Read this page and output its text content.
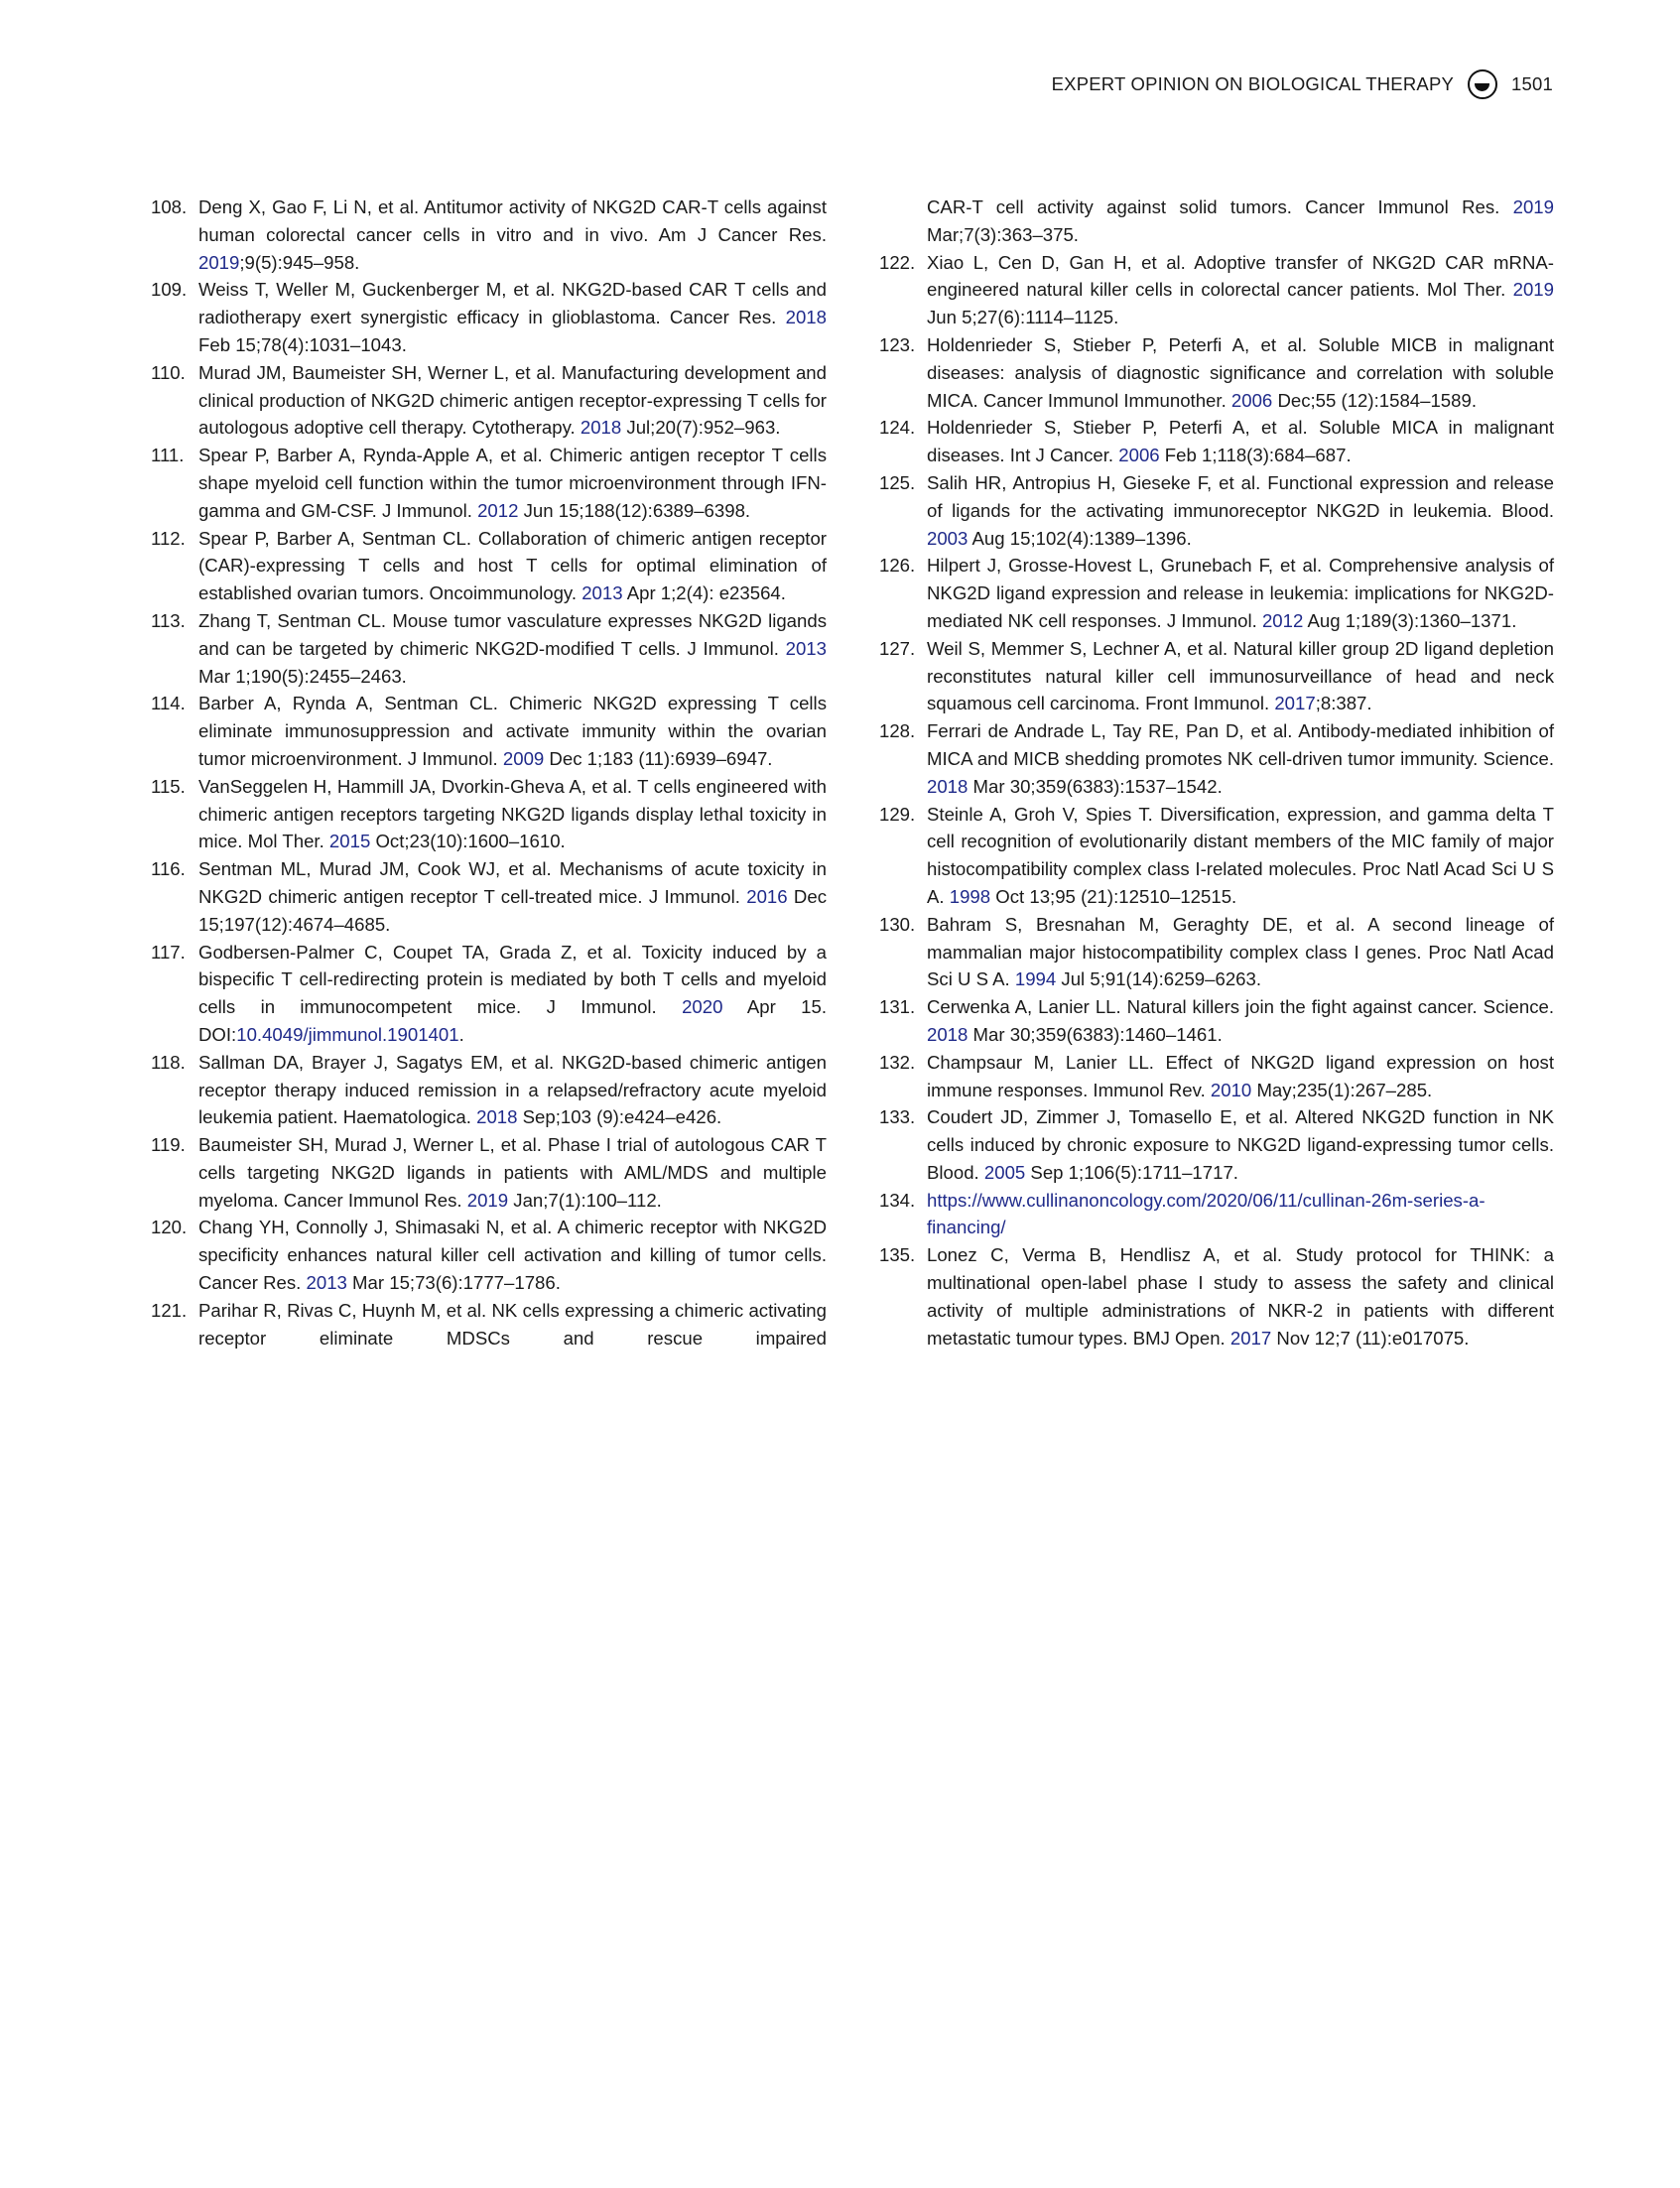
EXPERT OPINION ON BIOLOGICAL THERAPY	1501
108. Deng X, Gao F, Li N, et al. Antitumor activity of NKG2D CAR-T cells against human colorectal cancer cells in vitro and in vivo. Am J Cancer Res. 2019;9(5):945–958.
109. Weiss T, Weller M, Guckenberger M, et al. NKG2D-based CAR T cells and radiotherapy exert synergistic efficacy in glioblastoma. Cancer Res. 2018 Feb 15;78(4):1031–1043.
110. Murad JM, Baumeister SH, Werner L, et al. Manufacturing development and clinical production of NKG2D chimeric antigen receptor-expressing T cells for autologous adoptive cell therapy. Cytotherapy. 2018 Jul;20(7):952–963.
111. Spear P, Barber A, Rynda-Apple A, et al. Chimeric antigen receptor T cells shape myeloid cell function within the tumor microenvironment through IFN-gamma and GM-CSF. J Immunol. 2012 Jun 15;188(12):6389–6398.
112. Spear P, Barber A, Sentman CL. Collaboration of chimeric antigen receptor (CAR)-expressing T cells and host T cells for optimal elimination of established ovarian tumors. Oncoimmunology. 2013 Apr 1;2(4): e23564.
113. Zhang T, Sentman CL. Mouse tumor vasculature expresses NKG2D ligands and can be targeted by chimeric NKG2D-modified T cells. J Immunol. 2013 Mar 1;190(5):2455–2463.
114. Barber A, Rynda A, Sentman CL. Chimeric NKG2D expressing T cells eliminate immunosuppression and activate immunity within the ovarian tumor microenvironment. J Immunol. 2009 Dec 1;183 (11):6939–6947.
115. VanSeggelen H, Hammill JA, Dvorkin-Gheva A, et al. T cells engineered with chimeric antigen receptors targeting NKG2D ligands display lethal toxicity in mice. Mol Ther. 2015 Oct;23(10):1600–1610.
116. Sentman ML, Murad JM, Cook WJ, et al. Mechanisms of acute toxicity in NKG2D chimeric antigen receptor T cell-treated mice. J Immunol. 2016 Dec 15;197(12):4674–4685.
117. Godbersen-Palmer C, Coupet TA, Grada Z, et al. Toxicity induced by a bispecific T cell-redirecting protein is mediated by both T cells and myeloid cells in immunocompetent mice. J Immunol. 2020 Apr 15. DOI:10.4049/jimmunol.1901401.
118. Sallman DA, Brayer J, Sagatys EM, et al. NKG2D-based chimeric antigen receptor therapy induced remission in a relapsed/refractory acute myeloid leukemia patient. Haematologica. 2018 Sep;103 (9):e424–e426.
119. Baumeister SH, Murad J, Werner L, et al. Phase I trial of autologous CAR T cells targeting NKG2D ligands in patients with AML/MDS and multiple myeloma. Cancer Immunol Res. 2019 Jan;7(1):100–112.
120. Chang YH, Connolly J, Shimasaki N, et al. A chimeric receptor with NKG2D specificity enhances natural killer cell activation and killing of tumor cells. Cancer Res. 2013 Mar 15;73(6):1777–1786.
121. Parihar R, Rivas C, Huynh M, et al. NK cells expressing a chimeric activating receptor eliminate MDSCs and rescue impaired
CAR-T cell activity against solid tumors. Cancer Immunol Res. 2019 Mar;7(3):363–375.
122. Xiao L, Cen D, Gan H, et al. Adoptive transfer of NKG2D CAR mRNA-engineered natural killer cells in colorectal cancer patients. Mol Ther. 2019 Jun 5;27(6):1114–1125.
123. Holdenrieder S, Stieber P, Peterfi A, et al. Soluble MICB in malignant diseases: analysis of diagnostic significance and correlation with soluble MICA. Cancer Immunol Immunother. 2006 Dec;55 (12):1584–1589.
124. Holdenrieder S, Stieber P, Peterfi A, et al. Soluble MICA in malignant diseases. Int J Cancer. 2006 Feb 1;118(3):684–687.
125. Salih HR, Antropius H, Gieseke F, et al. Functional expression and release of ligands for the activating immunoreceptor NKG2D in leukemia. Blood. 2003 Aug 15;102(4):1389–1396.
126. Hilpert J, Grosse-Hovest L, Grunebach F, et al. Comprehensive analysis of NKG2D ligand expression and release in leukemia: implications for NKG2D-mediated NK cell responses. J Immunol. 2012 Aug 1;189(3):1360–1371.
127. Weil S, Memmer S, Lechner A, et al. Natural killer group 2D ligand depletion reconstitutes natural killer cell immunosurveillance of head and neck squamous cell carcinoma. Front Immunol. 2017;8:387.
128. Ferrari de Andrade L, Tay RE, Pan D, et al. Antibody-mediated inhibition of MICA and MICB shedding promotes NK cell-driven tumor immunity. Science. 2018 Mar 30;359(6383):1537–1542.
129. Steinle A, Groh V, Spies T. Diversification, expression, and gamma delta T cell recognition of evolutionarily distant members of the MIC family of major histocompatibility complex class I-related molecules. Proc Natl Acad Sci U S A. 1998 Oct 13;95 (21):12510–12515.
130. Bahram S, Bresnahan M, Geraghty DE, et al. A second lineage of mammalian major histocompatibility complex class I genes. Proc Natl Acad Sci U S A. 1994 Jul 5;91(14):6259–6263.
131. Cerwenka A, Lanier LL. Natural killers join the fight against cancer. Science. 2018 Mar 30;359(6383):1460–1461.
132. Champsaur M, Lanier LL. Effect of NKG2D ligand expression on host immune responses. Immunol Rev. 2010 May;235(1):267–285.
133. Coudert JD, Zimmer J, Tomasello E, et al. Altered NKG2D function in NK cells induced by chronic exposure to NKG2D ligand-expressing tumor cells. Blood. 2005 Sep 1;106(5):1711–1717.
134. https://www.cullinanoncology.com/2020/06/11/cullinan-26m-​series-a-financing/
135. Lonez C, Verma B, Hendlisz A, et al. Study protocol for THINK: a multinational open-label phase I study to assess the safety and clinical activity of multiple administrations of NKR-2 in patients with different metastatic tumour types. BMJ Open. 2017 Nov 12;7 (11):e017075.
